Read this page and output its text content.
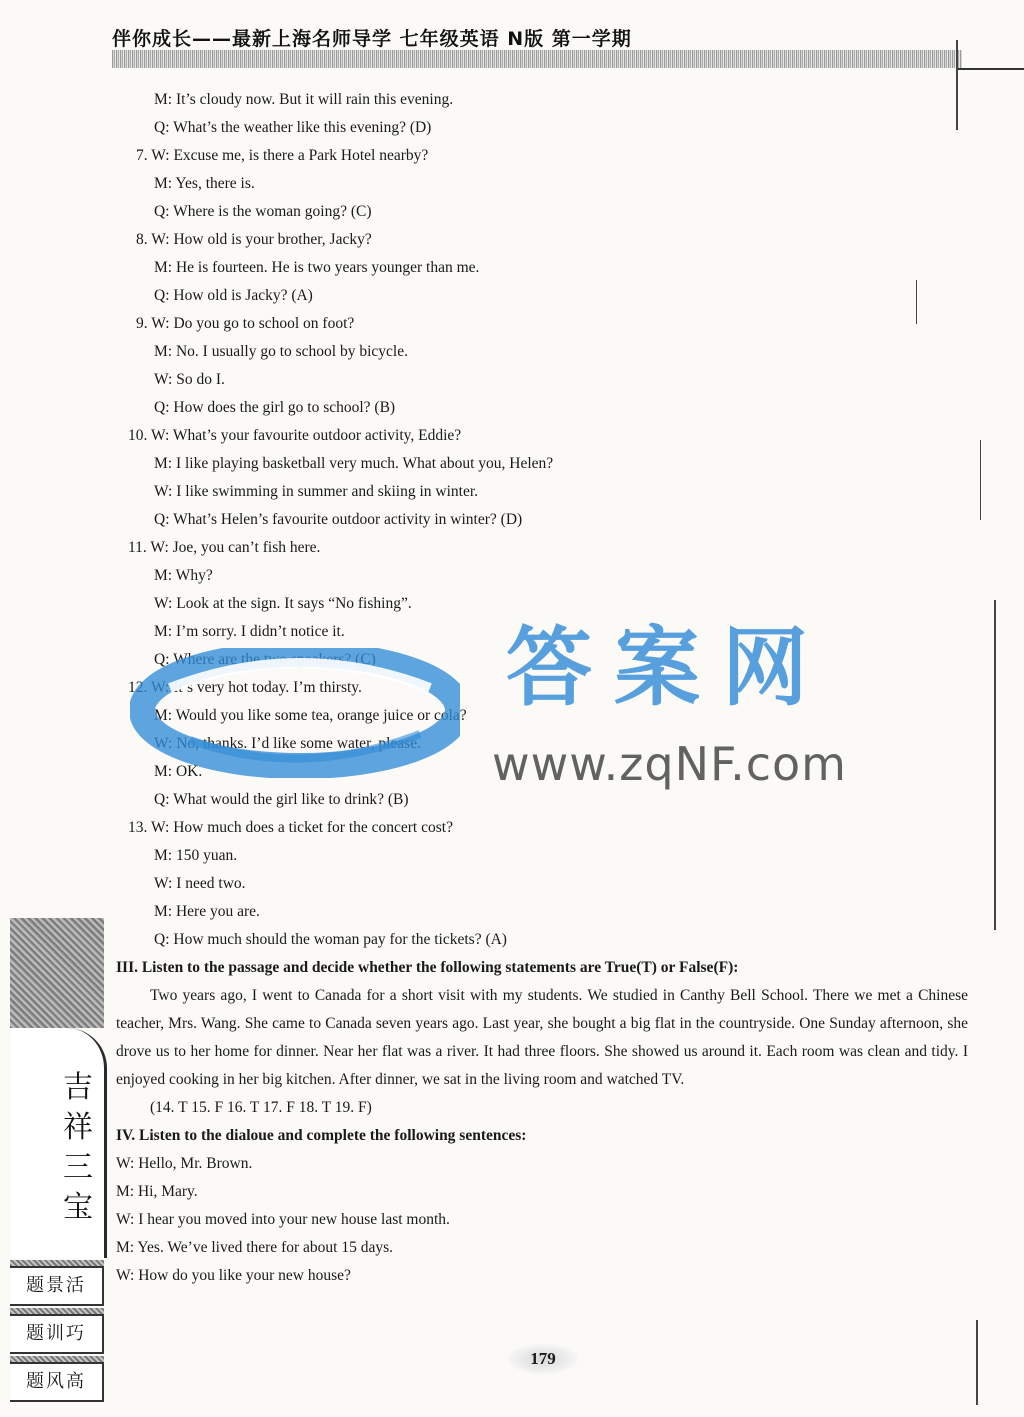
伴你成长——最新上海名师导学 七年级英语 N版 第一学期
M: It’s cloudy now. But it will rain this evening.
Q: What’s the weather like this evening? (D)
7. W: Excuse me, is there a Park Hotel nearby?
M: Yes, there is.
Q: Where is the woman going? (C)
8. W: How old is your brother, Jacky?
M: He is fourteen. He is two years younger than me.
Q: How old is Jacky? (A)
9. W: Do you go to school on foot?
M: No. I usually go to school by bicycle.
W: So do I.
Q: How does the girl go to school? (B)
10. W: What’s your favourite outdoor activity, Eddie?
M: I like playing basketball very much. What about you, Helen?
W: I like swimming in summer and skiing in winter.
Q: What’s Helen’s favourite outdoor activity in winter? (D)
11. W: Joe, you can’t fish here.
M: Why?
W: Look at the sign. It says “No fishing”.
M: I’m sorry. I didn’t notice it.
Q: Where are the two speakers? (C)
12. W: It’s very hot today. I’m thirsty.
M: Would you like some tea, orange juice or cola?
W: No, thanks. I’d like some water, please.
M: OK.
Q: What would the girl like to drink? (B)
13. W: How much does a ticket for the concert cost?
M: 150 yuan.
W: I need two.
M: Here you are.
Q: How much should the woman pay for the tickets? (A)
III. Listen to the passage and decide whether the following statements are True(T) or False(F):
Two years ago, I went to Canada for a short visit with my students. We studied in Canthy Bell School. There we met a Chinese teacher, Mrs. Wang. She came to Canada seven years ago. Last year, she bought a big flat in the countryside. One Sunday afternoon, she drove us to her home for dinner. Near her flat was a river. It had three floors. She showed us around it. Each room was clean and tidy. I enjoyed cooking in her big kitchen. After dinner, we sat in the living room and watched TV.
(14. T 15. F 16. T 17. F 18. T 19. F)
IV. Listen to the dialoue and complete the following sentences:
W: Hello, Mr. Brown.
M: Hi, Mary.
W: I hear you moved into your new house last month.
M: Yes. We’ve lived there for about 15 days.
W: How do you like your new house?
吉
祥
三
宝
题景活
题训巧
题风高
答案网
www.zqNF.com
179
